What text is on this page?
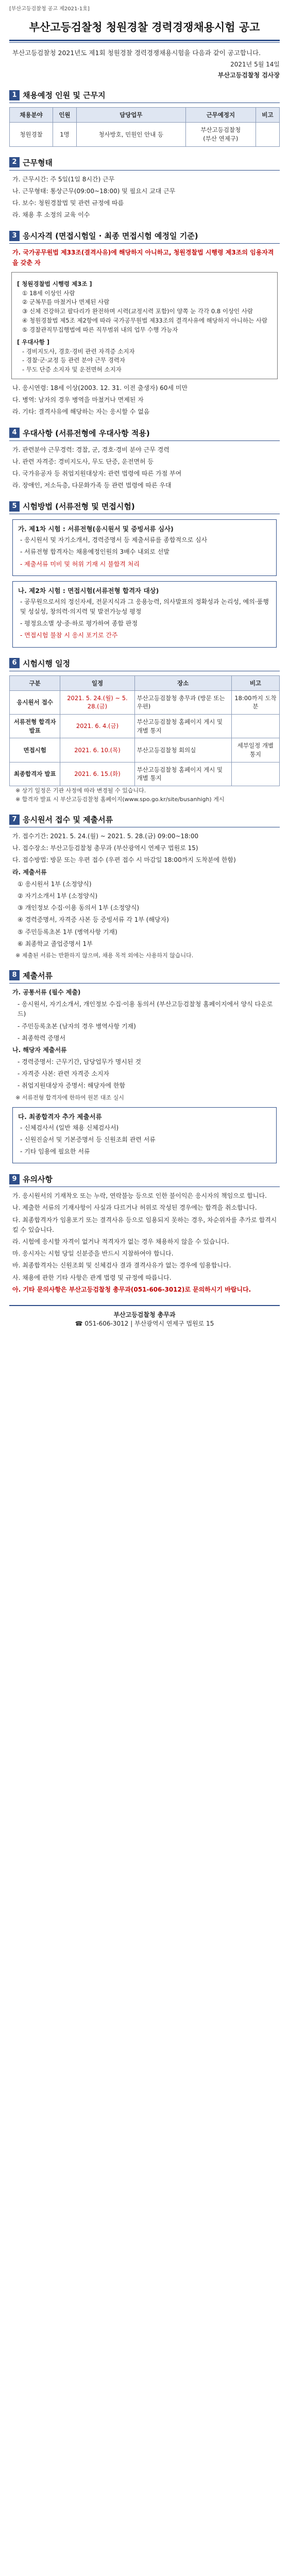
[부산고등검찰청 공고 제2021-1호]
부산고등검찰청 청원경찰 경력경쟁채용시험 공고
부산고등검찰청 2021년도 제1회 청원경찰 경력경쟁채용시험을 다음과 같이 공고합니다.
2021년 5월 14일
부산고등검찰청 검사장
1 채용예정 인원 및 근무지
채용분야	인원	담당업무	근무예정지	비고
청원경찰	1명	청사방호, 민원인 안내 등	부산고등검찰청
(부산 연제구)	
2 근무형태
가. 근무시간: 주 5일(1일 8시간) 근무
나. 근무형태: 통상근무(09:00~18:00) 및 필요시 교대 근무
다. 보수: 청원경찰법 및 관련 규정에 따름
라. 채용 후 소정의 교육 이수
3 응시자격 (면접시험일 · 최종 면접시험 예정일 기준)
가. 국가공무원법 제33조(결격사유)에 해당하지 아니하고, 청원경찰법 시행령 제3조의 임용자격을 갖춘 자
[ 청원경찰법 시행령 제3조 ]
① 18세 이상인 사람
② 군복무를 마쳤거나 면제된 사람
③ 신체 건강하고 팔다리가 완전하며 시력(교정시력 포함)이 양쪽 눈 각각 0.8 이상인 사람
④ 청원경찰법 제5조 제2항에 따라 국가공무원법 제33조의 결격사유에 해당하지 아니하는 사람
⑤ 경찰관직무집행법에 따른 직무범위 내의 업무 수행 가능자
[ 우대사항 ]
- 경비지도사, 경호·경비 관련 자격증 소지자
- 경찰·군·교정 등 관련 분야 근무 경력자
- 무도 단증 소지자 및 운전면허 소지자
나. 응시연령: 18세 이상(2003. 12. 31. 이전 출생자) 60세 미만
다. 병역: 남자의 경우 병역을 마쳤거나 면제된 자
라. 기타: 결격사유에 해당하는 자는 응시할 수 없음
4 우대사항 (서류전형에 우대사항 적용)
가. 관련분야 근무경력: 경찰, 군, 경호·경비 분야 근무 경력
나. 관련 자격증: 경비지도사, 무도 단증, 운전면허 등
다. 국가유공자 등 취업지원대상자: 관련 법령에 따른 가점 부여
라. 장애인, 저소득층, 다문화가족 등 관련 법령에 따른 우대
5 시험방법 (서류전형 및 면접시험)
가. 제1차 시험 : 서류전형(응시원서 및 증빙서류 심사)
- 응시원서 및 자기소개서, 경력증명서 등 제출서류를 종합적으로 심사
- 서류전형 합격자는 채용예정인원의 3배수 내외로 선발
- 제출서류 미비 및 허위 기재 시 불합격 처리
나. 제2차 시험 : 면접시험(서류전형 합격자 대상)
- 공무원으로서의 정신자세, 전문지식과 그 응용능력, 의사발표의 정확성과 논리성, 예의·품행 및 성실성, 창의력·의지력 및 발전가능성 평정
- 평정요소별 상·중·하로 평가하여 종합 판정
- 면접시험 불참 시 응시 포기로 간주
6 시험시행 일정
구분	일정	장소	비고
응시원서 접수	2021. 5. 24.(월) ~ 5. 28.(금)	부산고등검찰청 총무과 (방문 또는 우편)	18:00까지 도착분
서류전형 합격자 발표	2021. 6. 4.(금)	부산고등검찰청 홈페이지 게시 및 개별 통지	
면접시험	2021. 6. 10.(목)	부산고등검찰청 회의실	세부일정 개별 통지
최종합격자 발표	2021. 6. 15.(화)	부산고등검찰청 홈페이지 게시 및 개별 통지	
※ 상기 일정은 기관 사정에 따라 변경될 수 있습니다.
※ 합격자 발표 시 부산고등검찰청 홈페이지(www.spo.go.kr/site/busanhigh) 게시
7 응시원서 접수 및 제출서류
가. 접수기간: 2021. 5. 24.(월) ~ 2021. 5. 28.(금) 09:00~18:00
나. 접수장소: 부산고등검찰청 총무과 (부산광역시 연제구 법원로 15)
다. 접수방법: 방문 또는 우편 접수 (우편 접수 시 마감일 18:00까지 도착분에 한함)
라. 제출서류
① 응시원서 1부 (소정양식)
② 자기소개서 1부 (소정양식)
③ 개인정보 수집·이용 동의서 1부 (소정양식)
④ 경력증명서, 자격증 사본 등 증빙서류 각 1부 (해당자)
⑤ 주민등록초본 1부 (병역사항 기재)
⑥ 최종학교 졸업증명서 1부
※ 제출된 서류는 반환하지 않으며, 채용 목적 외에는 사용하지 않습니다.
8 제출서류
가. 공통서류 (필수 제출)
- 응시원서, 자기소개서, 개인정보 수집·이용 동의서 (부산고등검찰청 홈페이지에서 양식 다운로드)
- 주민등록초본 (남자의 경우 병역사항 기재)
- 최종학력 증명서
나. 해당자 제출서류
- 경력증명서: 근무기간, 담당업무가 명시된 것
- 자격증 사본: 관련 자격증 소지자
- 취업지원대상자 증명서: 해당자에 한함
※ 서류전형 합격자에 한하여 원본 대조 실시
다. 최종합격자 추가 제출서류
- 신체검사서 (일반 채용 신체검사서)
- 신원진술서 및 기본증명서 등 신원조회 관련 서류
- 기타 임용에 필요한 서류
9 유의사항
가. 응시원서의 기재착오 또는 누락, 연락불능 등으로 인한 불이익은 응시자의 책임으로 합니다.
나. 제출한 서류의 기재사항이 사실과 다르거나 허위로 작성된 경우에는 합격을 취소합니다.
다. 최종합격자가 임용포기 또는 결격사유 등으로 임용되지 못하는 경우, 차순위자를 추가로 합격시킬 수 있습니다.
라. 시험에 응시할 자격이 없거나 적격자가 없는 경우 채용하지 않을 수 있습니다.
마. 응시자는 시험 당일 신분증을 반드시 지참하여야 합니다.
바. 최종합격자는 신원조회 및 신체검사 결과 결격사유가 없는 경우에 임용합니다.
사. 채용에 관한 기타 사항은 관계 법령 및 규정에 따릅니다.
아. 기타 문의사항은 부산고등검찰청 총무과(051-606-3012)로 문의하시기 바랍니다.
부산고등검찰청 총무과
☎ 051-606-3012 | 부산광역시 연제구 법원로 15
